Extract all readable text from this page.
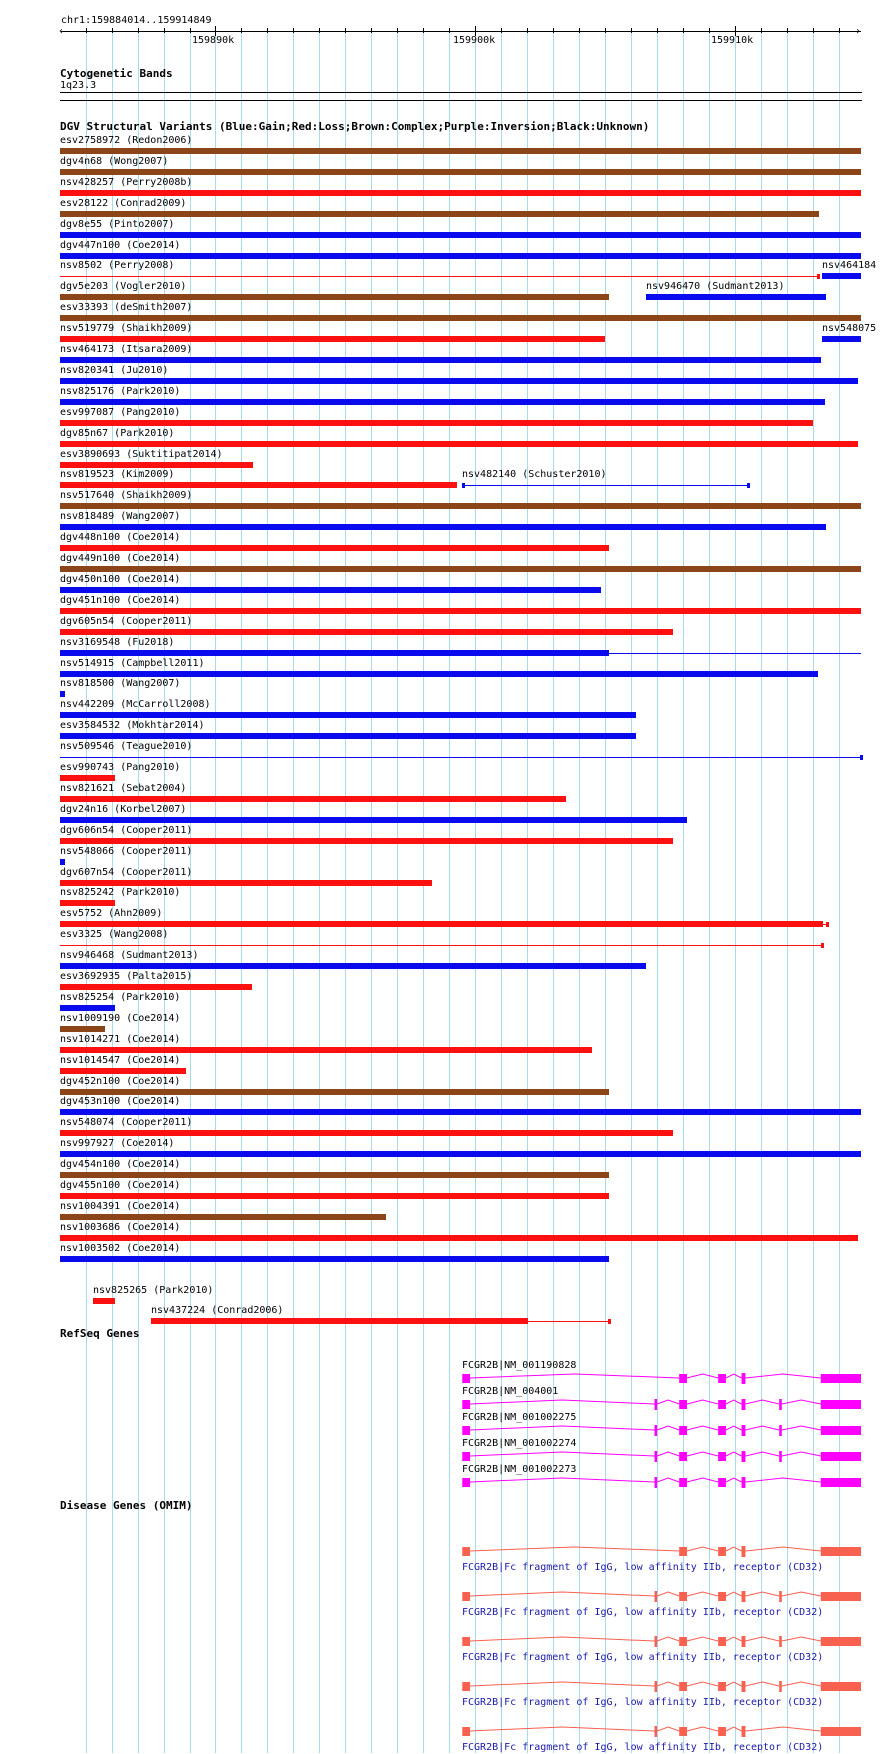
chr1:159884014..159914849
‹	›
159890k	159900k	159910k
Cytogenetic Bands
1q23.3
DGV Structural Variants (Blue:Gain;Red:Loss;Brown:Complex;Purple:Inversion;Black:Unknown)
esv2758972 (Redon2006)
dgv4n68 (Wong2007)
nsv428257 (Perry2008b)
esv28122 (Conrad2009)
dgv8e55 (Pinto2007)
dgv447n100 (Coe2014)
nsv8502 (Perry2008)	nsv464184
dgv5e203 (Vogler2010)	nsv946470 (Sudmant2013)
esv33393 (deSmith2007)
nsv519779 (Shaikh2009)	nsv548075
nsv464173 (Itsara2009)
nsv820341 (Ju2010)
nsv825176 (Park2010)
esv997087 (Pang2010)
dgv85n67 (Park2010)
esv3890693 (Suktitipat2014)
nsv482140 (Schuster2010)
nsv819523 (Kim2009)
nsv517640 (Shaikh2009)
nsv818489 (Wang2007)
dgv448n100 (Coe2014)
dgv449n100 (Coe2014)
dgv450n100 (Coe2014)
dgv451n100 (Coe2014)
dgv605n54 (Cooper2011)
nsv3169548 (Fu2018)
nsv514915 (Campbell2011)
nsv818500 (Wang2007)
nsv442209 (McCarroll2008)
esv3584532 (Mokhtar2014)
nsv509546 (Teague2010)
esv990743 (Pang2010)
nsv821621 (Sebat2004)
dgv24n16 (Korbel2007)
dgv606n54 (Cooper2011)
nsv548066 (Cooper2011)
dgv607n54 (Cooper2011)
nsv825242 (Park2010)
esv5752 (Ahn2009)
esv3325 (Wang2008)
nsv946468 (Sudmant2013)
esv3692935 (Palta2015)
nsv825254 (Park2010)
nsv1009190 (Coe2014)
nsv1014271 (Coe2014)
nsv1014547 (Coe2014)
dgv452n100 (Coe2014)
dgv453n100 (Coe2014)
nsv548074 (Cooper2011)
nsv997927 (Coe2014)
dgv454n100 (Coe2014)
dgv455n100 (Coe2014)
nsv1004391 (Coe2014)
nsv1003686 (Coe2014)
nsv1003502 (Coe2014)
nsv825265 (Park2010)
nsv437224 (Conrad2006)
RefSeq Genes
FCGR2B|NM_001190828
FCGR2B|NM_004001
FCGR2B|NM_001002275
FCGR2B|NM_001002274
FCGR2B|NM_001002273
Disease Genes (OMIM)
FCGR2B|Fc fragment of IgG, low affinity IIb, receptor (CD32)
FCGR2B|Fc fragment of IgG, low affinity IIb, receptor (CD32)
FCGR2B|Fc fragment of IgG, low affinity IIb, receptor (CD32)
FCGR2B|Fc fragment of IgG, low affinity IIb, receptor (CD32)
FCGR2B|Fc fragment of IgG, low affinity IIb, receptor (CD32)
